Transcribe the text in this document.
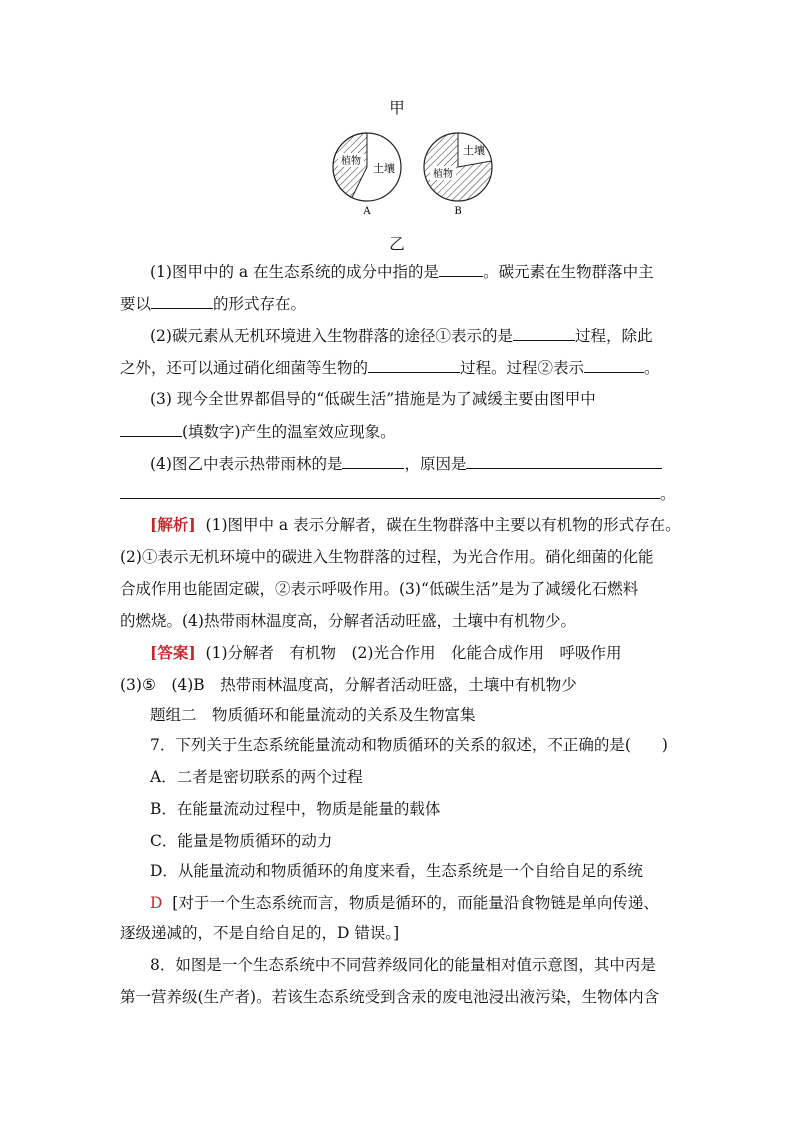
甲
植物
土壤
A
土壤
植物
B
乙
(1)图甲中的 a 在生态系统的成分中指的是	。碳元素在生物群落中主
要以	的形式存在。
(2)碳元素从无机环境进入生物群落的途径①表示的是	过程，除此
之外，还可以通过硝化细菌等生物的	过程。过程②表示	。
(3) 现今全世界都倡导的“低碳生活”措施是为了减缓主要由图甲中
(填数字)产生的温室效应现象。
(4)图乙中表示热带雨林的是	，原因是
。
[解析] (1)图甲中 a 表示分解者，碳在生物群落中主要以有机物的形式存在。
(2)①表示无机环境中的碳进入生物群落的过程，为光合作用。硝化细菌的化能
合成作用也能固定碳，②表示呼吸作用。(3)“低碳生活”是为了减缓化石燃料
的燃烧。(4)热带雨林温度高，分解者活动旺盛，土壤中有机物少。
[答案] (1)分解者　有机物　(2)光合作用　化能合成作用　呼吸作用
(3)⑤　(4)B　热带雨林温度高，分解者活动旺盛，土壤中有机物少
题组二　物质循环和能量流动的关系及生物富集
7．下列关于生态系统能量流动和物质循环的关系的叙述，不正确的是(　　)
A．二者是密切联系的两个过程
B．在能量流动过程中，物质是能量的载体
C．能量是物质循环的动力
D．从能量流动和物质循环的角度来看，生态系统是一个自给自足的系统
D [对于一个生态系统而言，物质是循环的，而能量沿食物链是单向传递、
逐级递减的，不是自给自足的，D 错误。]
8．如图是一个生态系统中不同营养级同化的能量相对值示意图，其中丙是
第一营养级(生产者)。若该生态系统受到含汞的废电池浸出液污染，生物体内含
